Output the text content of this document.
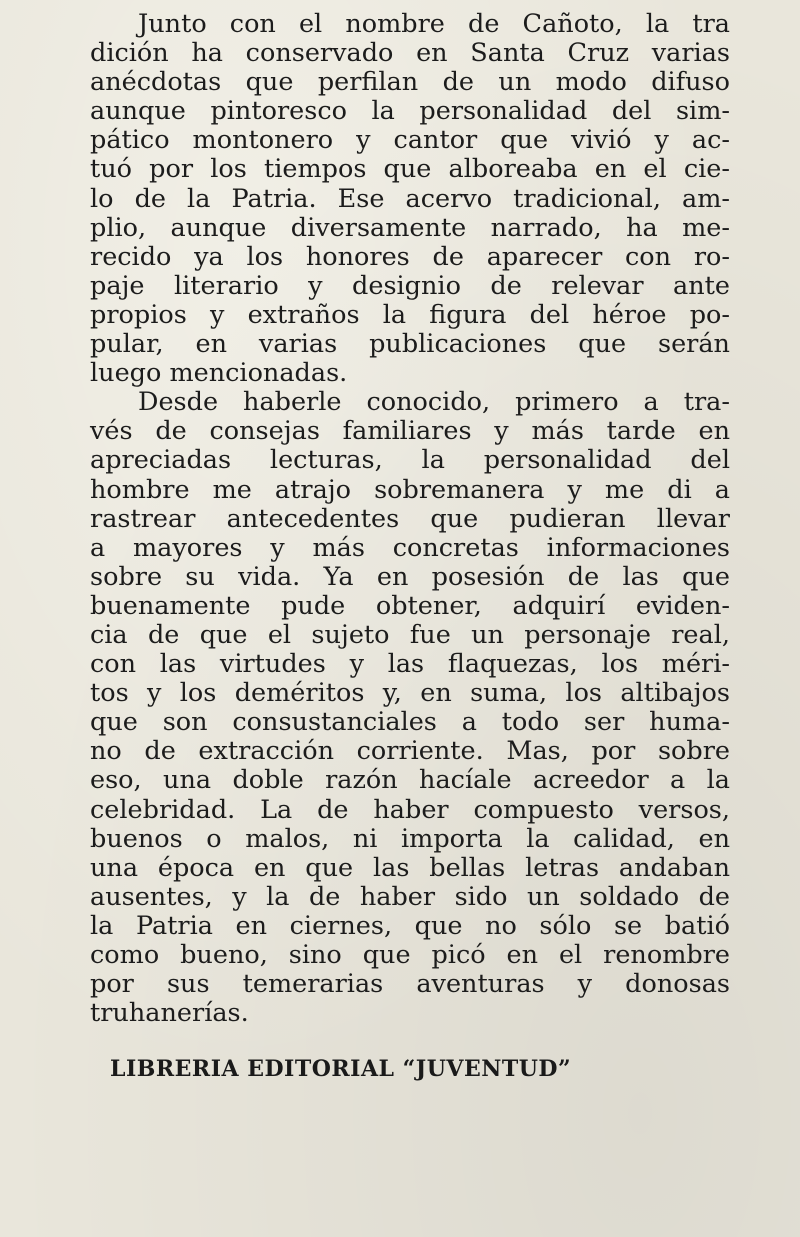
Junto con el nombre de Cañoto, la tra
dición ha conservado en Santa Cruz varias
anécdotas que perfilan de un modo difuso
aunque pintoresco la personalidad del sim-
pático montonero y cantor que vivió y ac-
tuó por los tiempos que alboreaba en el cie-
lo de la Patria. Ese acervo tradicional, am-
plio, aunque diversamente narrado, ha me-
recido ya los honores de aparecer con ro-
paje literario y designio de relevar ante
propios y extraños la figura del héroe po-
pular, en varias publicaciones que serán
luego mencionadas.
Desde haberle conocido, primero a tra-
vés de consejas familiares y más tarde en
apreciadas lecturas, la personalidad del
hombre me atrajo sobremanera y me di a
rastrear antecedentes que pudieran llevar
a mayores y más concretas informaciones
sobre su vida. Ya en posesión de las que
buenamente pude obtener, adquirí eviden-
cia de que el sujeto fue un personaje real,
con las virtudes y las flaquezas, los méri-
tos y los deméritos y, en suma, los altibajos
que son consustanciales a todo ser huma-
no de extracción corriente. Mas, por sobre
eso, una doble razón hacíale acreedor a la
celebridad. La de haber compuesto versos,
buenos o malos, ni importa la calidad, en
una época en que las bellas letras andaban
ausentes, y la de haber sido un soldado de
la Patria en ciernes, que no sólo se batió
como bueno, sino que picó en el renombre
por sus temerarias aventuras y donosas
truhanerías.
LIBRERIA EDITORIAL “JUVENTUD”
